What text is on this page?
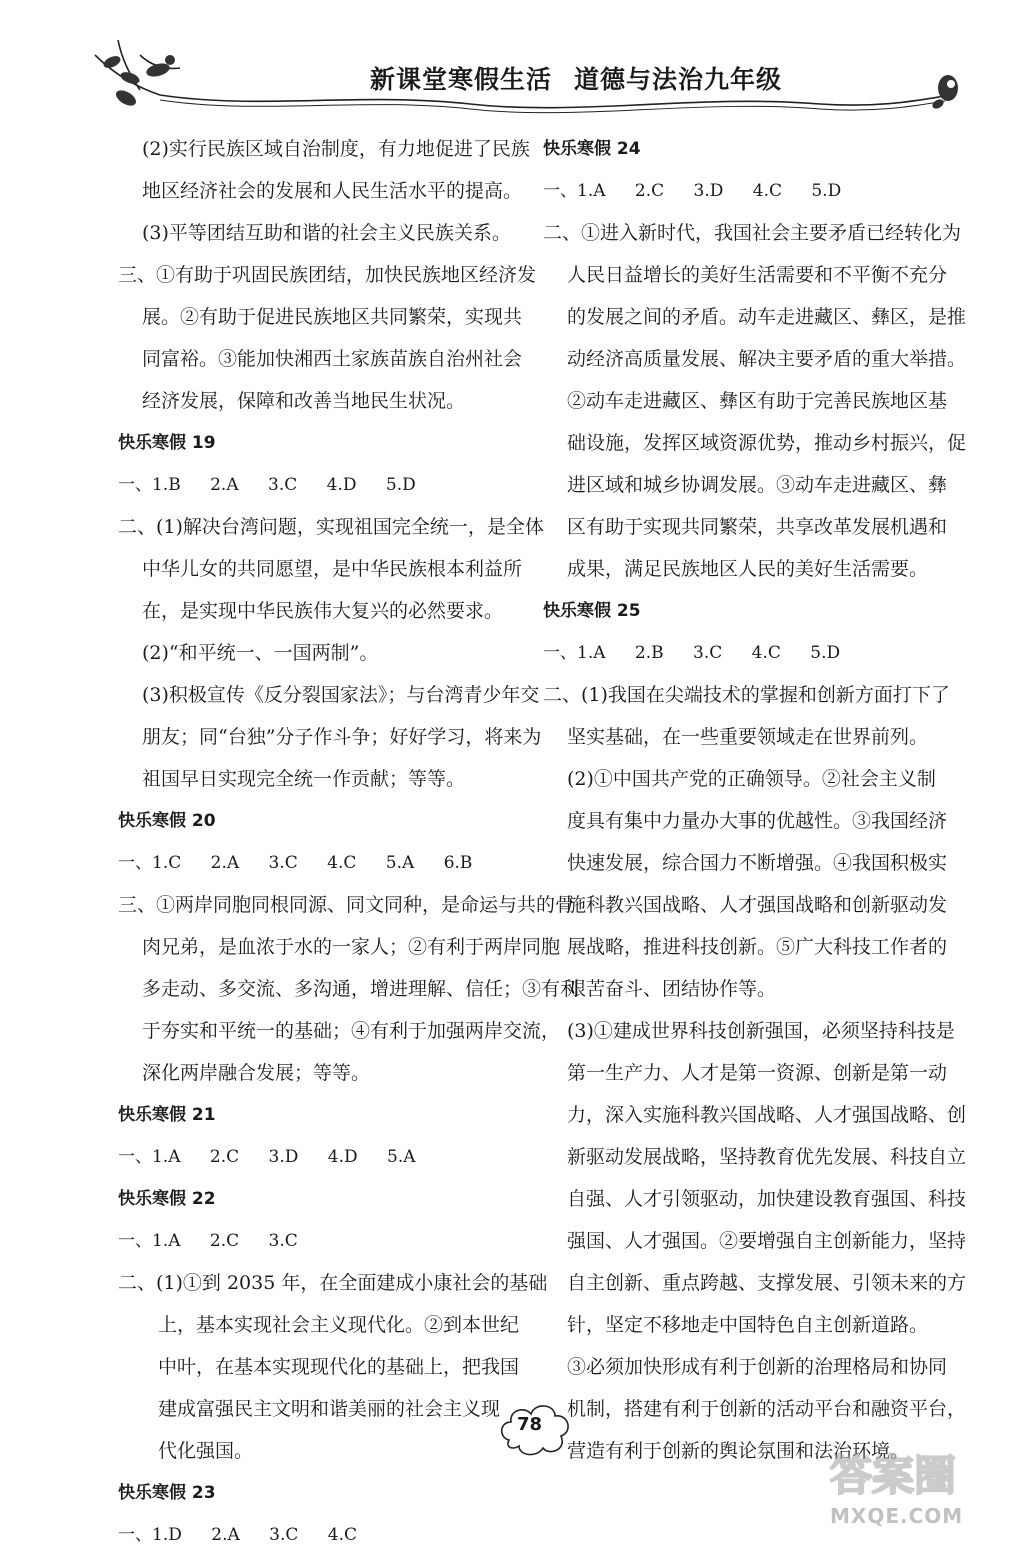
新课堂寒假生活 道德与法治九年级
(2)实行民族区域自治制度，有力地促进了民族
地区经济社会的发展和人民生活水平的提高。
(3)平等团结互助和谐的社会主义民族关系。
三、①有助于巩固民族团结，加快民族地区经济发
展。②有助于促进民族地区共同繁荣，实现共
同富裕。③能加快湘西土家族苗族自治州社会
经济发展，保障和改善当地民生状况。
快乐寒假 19
一、1.B 2.A 3.C 4.D 5.D
二、(1)解决台湾问题，实现祖国完全统一，是全体
中华儿女的共同愿望，是中华民族根本利益所
在，是实现中华民族伟大复兴的必然要求。
(2)“和平统一、一国两制”。
(3)积极宣传《反分裂国家法》；与台湾青少年交
朋友；同“台独”分子作斗争；好好学习，将来为
祖国早日实现完全统一作贡献；等等。
快乐寒假 20
一、1.C 2.A 3.C 4.C 5.A 6.B
三、①两岸同胞同根同源、同文同种，是命运与共的骨
肉兄弟，是血浓于水的一家人；②有利于两岸同胞
多走动、多交流、多沟通，增进理解、信任；③有利
于夯实和平统一的基础；④有利于加强两岸交流，
深化两岸融合发展；等等。
快乐寒假 21
一、1.A 2.C 3.D 4.D 5.A
快乐寒假 22
一、1.A 2.C 3.C
二、(1)①到 2035 年，在全面建成小康社会的基础
上，基本实现社会主义现代化。②到本世纪
中叶，在基本实现现代化的基础上，把我国
建成富强民主文明和谐美丽的社会主义现
代化强国。
快乐寒假 23
一、1.D 2.A 3.C 4.C
快乐寒假 24
一、1.A 2.C 3.D 4.C 5.D
二、①进入新时代，我国社会主要矛盾已经转化为
人民日益增长的美好生活需要和不平衡不充分
的发展之间的矛盾。动车走进藏区、彝区，是推
动经济高质量发展、解决主要矛盾的重大举措。
②动车走进藏区、彝区有助于完善民族地区基
础设施，发挥区域资源优势，推动乡村振兴，促
进区域和城乡协调发展。③动车走进藏区、彝
区有助于实现共同繁荣，共享改革发展机遇和
成果，满足民族地区人民的美好生活需要。
快乐寒假 25
一、1.A 2.B 3.C 4.C 5.D
二、(1)我国在尖端技术的掌握和创新方面打下了
坚实基础，在一些重要领域走在世界前列。
(2)①中国共产党的正确领导。②社会主义制
度具有集中力量办大事的优越性。③我国经济
快速发展，综合国力不断增强。④我国积极实
施科教兴国战略、人才强国战略和创新驱动发
展战略，推进科技创新。⑤广大科技工作者的
艰苦奋斗、团结协作等。
(3)①建成世界科技创新强国，必须坚持科技是
第一生产力、人才是第一资源、创新是第一动
力，深入实施科教兴国战略、人才强国战略、创
新驱动发展战略，坚持教育优先发展、科技自立
自强、人才引领驱动，加快建设教育强国、科技
强国、人才强国。②要增强自主创新能力，坚持
自主创新、重点跨越、支撑发展、引领未来的方
针，坚定不移地走中国特色自主创新道路。
③必须加快形成有利于创新的治理格局和协同
机制，搭建有利于创新的活动平台和融资平台，
营造有利于创新的舆论氛围和法治环境。
78
答案圈
MXQE.COM
